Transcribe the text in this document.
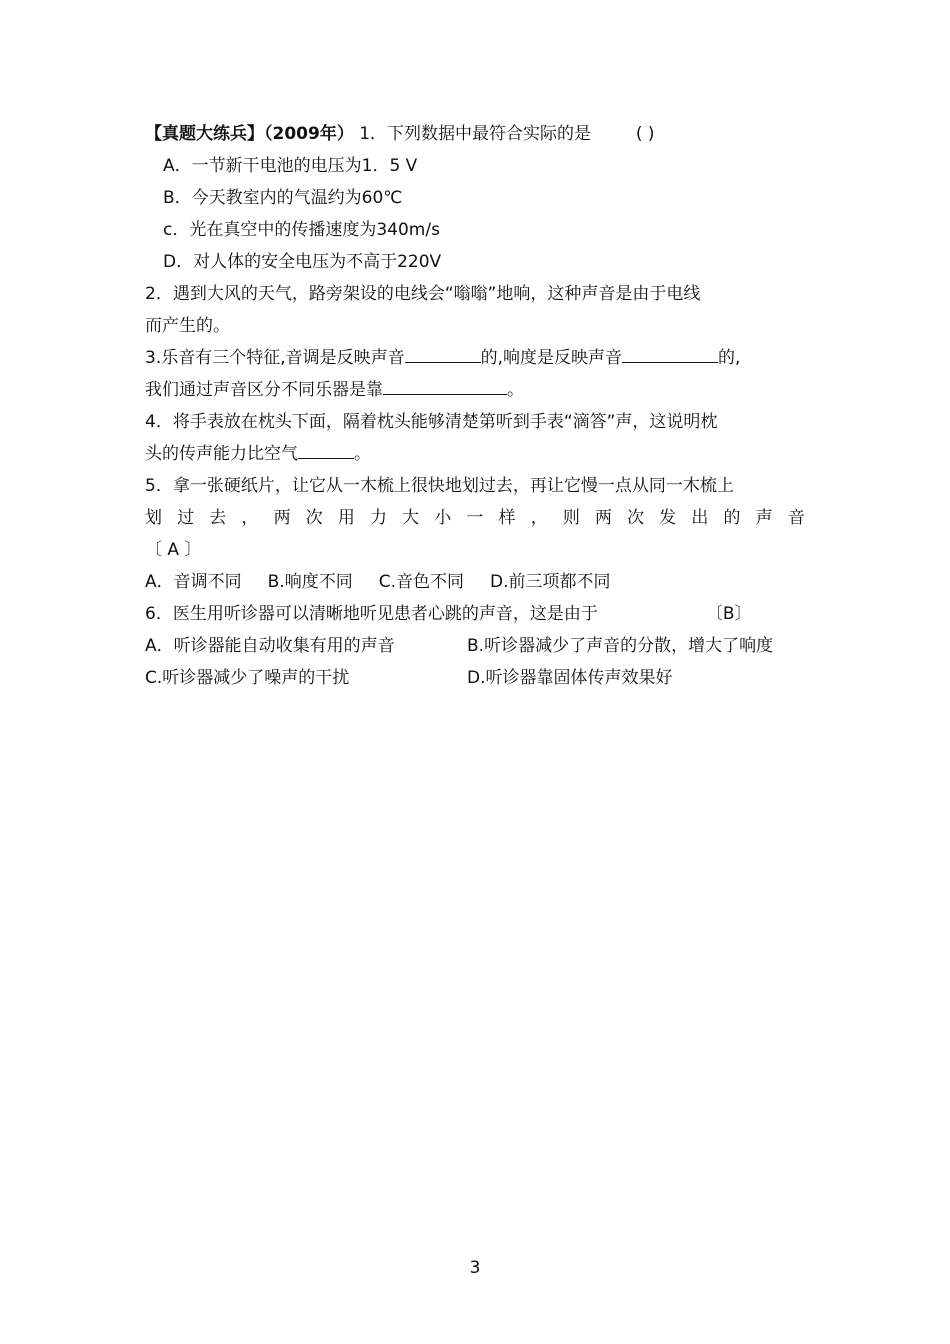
【真题大练兵】（2009年） 1．下列数据中最符合实际的是	( )
A．一节新干电池的电压为1．5 V
B．今天教室内的气温约为60℃
c．光在真空中的传播速度为340m/s
D．对人体的安全电压为不高于220V
2．遇到大风的天气，路旁架设的电线会“嗡嗡”地响，这种声音是由于电线
而产生的。
3.乐音有三个特征,音调是反映声音	的,响度是反映声音	的,
我们通过声音区分不同乐器是靠	。
4．将手表放在枕头下面，隔着枕头能够清楚第听到手表“滴答”声，这说明枕
头的传声能力比空气	。
5．拿一张硬纸片，让它从一木梳上很快地划过去，再让它慢一点从同一木梳上
划 过 去 ， 两 次 用 力 大 小 一 样 ， 则 两 次 发 出 的 声 音
〔 A 〕
A．音调不同 B.响度不同 C.音色不同 D.前三项都不同
6．医生用听诊器可以清晰地听见患者心跳的声音，这是由于	〔B〕
A．听诊器能自动收集有用的声音	B.听诊器减少了声音的分散，增大了响度
C.听诊器减少了噪声的干扰	D.听诊器靠固体传声效果好
3
